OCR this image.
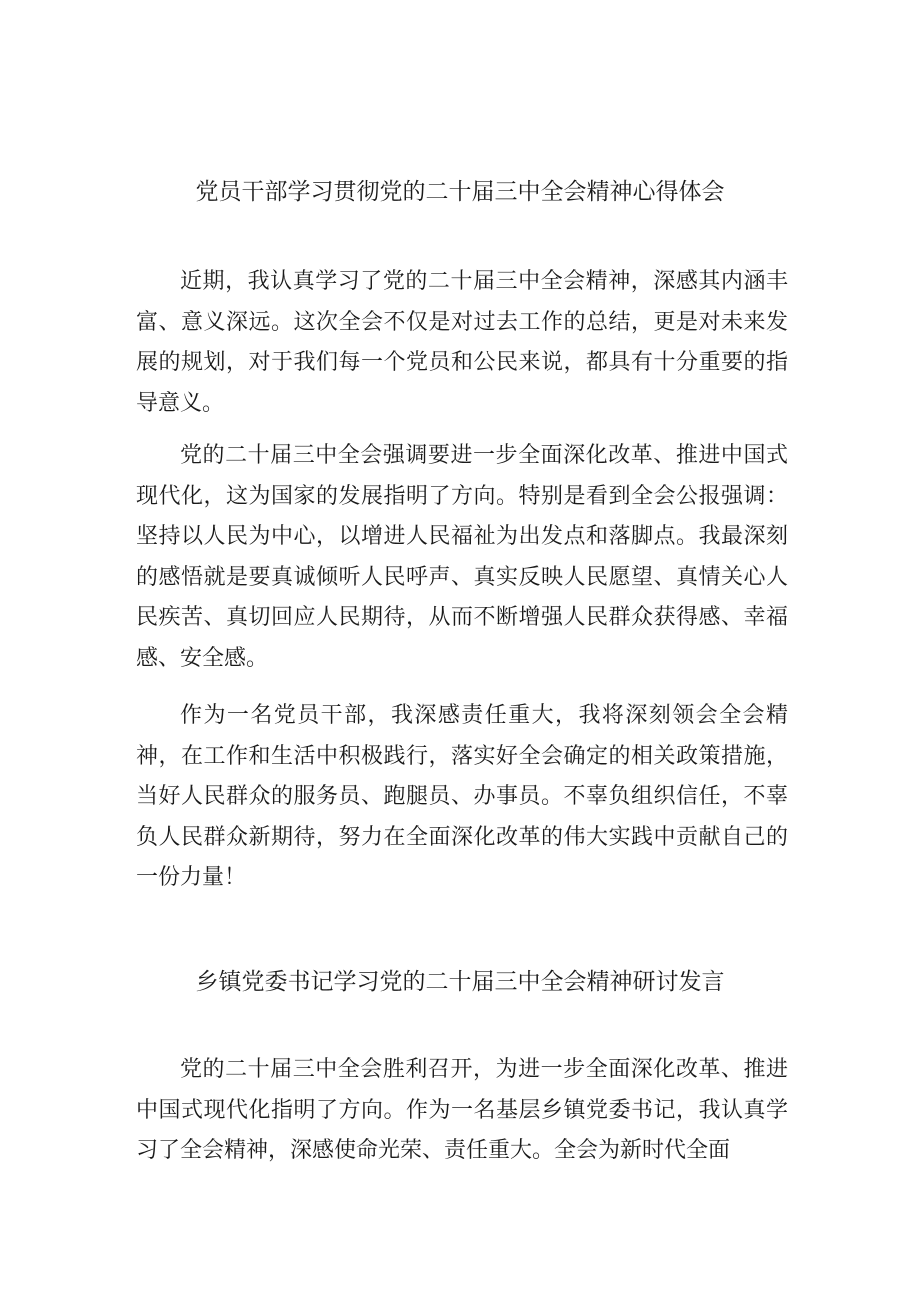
党员干部学习贯彻党的二十届三中全会精神心得体会

近期，我认真学习了党的二十届三中全会精神，深感其内涵丰富、意义深远。这次全会不仅是对过去工作的总结，更是对未来发展的规划，对于我们每一个党员和公民来说，都具有十分重要的指导意义。

党的二十届三中全会强调要进一步全面深化改革、推进中国式现代化，这为国家的发展指明了方向。特别是看到全会公报强调：坚持以人民为中心，以增进人民福祉为出发点和落脚点。我最深刻的感悟就是要真诚倾听人民呼声、真实反映人民愿望、真情关心人民疾苦、真切回应人民期待，从而不断增强人民群众获得感、幸福感、安全感。

作为一名党员干部，我深感责任重大，我将深刻领会全会精神，在工作和生活中积极践行，落实好全会确定的相关政策措施，当好人民群众的服务员、跑腿员、办事员。不辜负组织信任，不辜负人民群众新期待，努力在全面深化改革的伟大实践中贡献自己的一份力量！

乡镇党委书记学习党的二十届三中全会精神研讨发言

党的二十届三中全会胜利召开，为进一步全面深化改革、推进中国式现代化指明了方向。作为一名基层乡镇党委书记，我认真学习了全会精神，深感使命光荣、责任重大。全会为新时代全面
